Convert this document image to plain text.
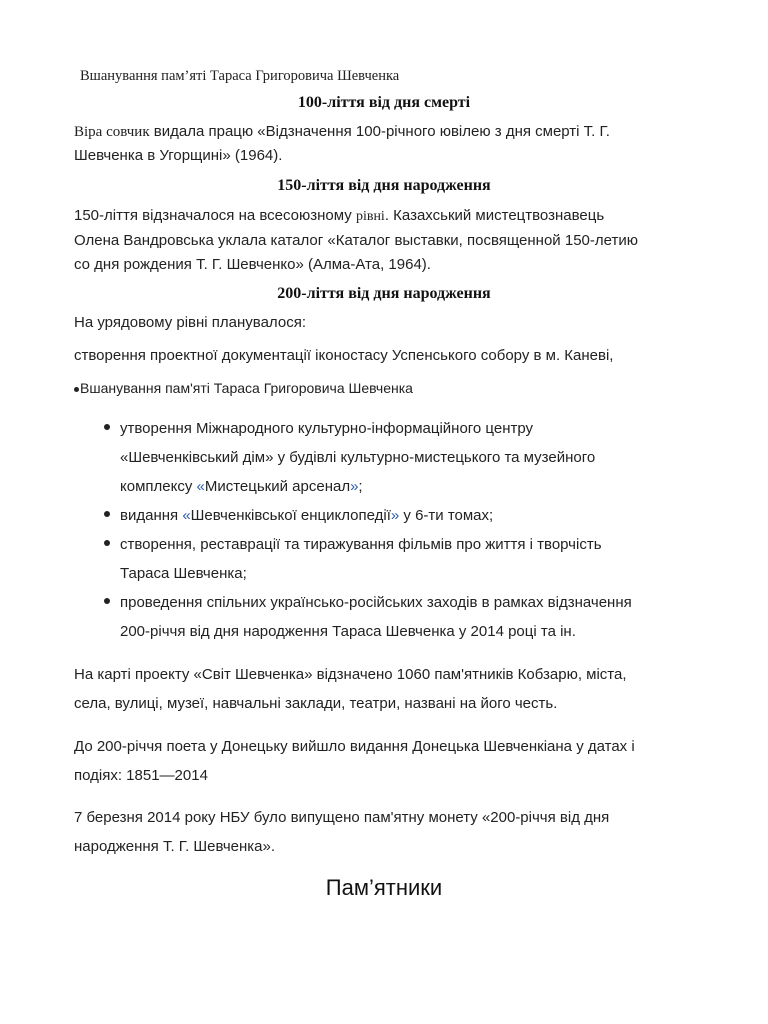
Вшанування пам’яті Тараса Григоровича Шевченка
100-ліття від дня смерті
Віра совчик видала працю «Відзначення 100-річного ювілею з дня смерті Т. Г.
Шевченка в Угорщині» (1964).
150-ліття від дня народження
150-ліття відзначалося на всесоюзному рівні. Казахський мистецтвознавець
Олена Вандровська уклала каталог «Каталог выставки, посвященной 150-летию
со дня рождения Т. Г. Шевченко» (Алма-Ата, 1964).
200-ліття від дня народження
На урядовому рівні планувалося:
створення проектної документації іконостасу Успенського собору в м. Каневі,
Вшанування пам'яті Тараса Григоровича Шевченка
утворення Міжнародного культурно-інформаційного центру
«Шевченківський дім» у будівлі культурно-мистецького та музейного
комплексу «Мистецький арсенал»;
видання «Шевченківської енциклопедії» у 6-ти томах;
створення, реставрації та тиражування фільмів про життя і творчість
Тараса Шевченка;
проведення спільних українсько-російських заходів в рамках відзначення
200-річчя від дня народження Тараса Шевченка у 2014 році та ін.
На карті проекту «Світ Шевченка» відзначено 1060 пам'ятників Кобзарю, міста,
села, вулиці, музеї, навчальні заклади, театри, названі на його честь.
До 200-річчя поета у Донецьку вийшло видання Донецька Шевченкіана у датах і
подіях: 1851—2014
7 березня 2014 року НБУ було випущено пам'ятну монету «200-річчя від дня
народження Т. Г. Шевченка».
Пам’ятники
